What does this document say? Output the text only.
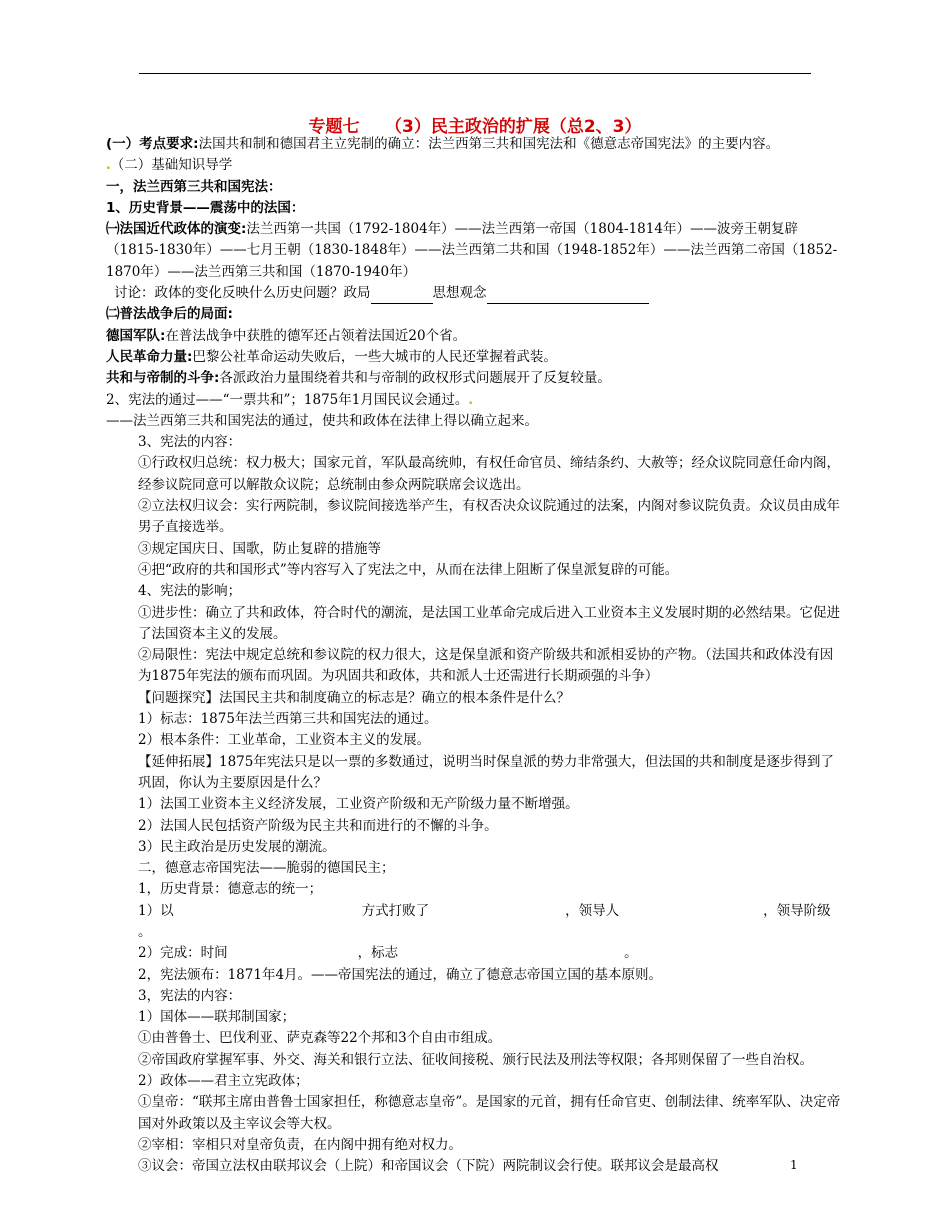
专题七　　（3）民主政治的扩展（总2、3）

(一）考点要求:法国共和制和德国君主立宪制的确立：法兰西第三共和国宪法和《德意志帝国宪法》的主要内容。

.（二）基础知识导学

一，法兰西第三共和国宪法：

1、历史背景——震荡中的法国：

㈠法国近代政体的演变:法兰西第一共国（1792-1804年）——法兰西第一帝国（1804-1814年）——波旁王朝复辟（1815-1830年）——七月王朝（1830-1848年）——法兰西第二共和国（1948-1852年）——法兰西第二帝国（1852-1870年）——法兰西第三共和国（1870-1940年）

讨论：政体的变化反映什么历史问题？政局	思想观念

㈡普法战争后的局面:

德国军队:在普法战争中获胜的德军还占领着法国近20个省。

人民革命力量:巴黎公社革命运动失败后，一些大城市的人民还掌握着武装。

共和与帝制的斗争:各派政治力量围绕着共和与帝制的政权形式问题展开了反复较量。

2、宪法的通过——“一票共和”；1875年1月国民议会通过。.

——法兰西第三共和国宪法的通过，使共和政体在法律上得以确立起来。

3、宪法的内容：

①行政权归总统：权力极大；国家元首，军队最高统帅，有权任命官员、缔结条约、大赦等；经众议院同意任命内阁，经参议院同意可以解散众议院；总统制由参众两院联席会议选出。

②立法权归议会：实行两院制，参议院间接选举产生，有权否决众议院通过的法案，内阁对参议院负责。众议员由成年男子直接选举。

③规定国庆日、国歌，防止复辟的措施等

④把“政府的共和国形式”等内容写入了宪法之中，从而在法律上阻断了保皇派复辟的可能。

4、宪法的影响；

①进步性：确立了共和政体，符合时代的潮流，是法国工业革命完成后进入工业资本主义发展时期的必然结果。它促进了法国资本主义的发展。

②局限性：宪法中规定总统和参议院的权力很大，这是保皇派和资产阶级共和派相妥协的产物。（法国共和政体没有因为1875年宪法的颁布而巩固。为巩固共和政体，共和派人士还需进行长期顽强的斗争）

【问题探究】法国民主共和制度确立的标志是？确立的根本条件是什么？

1）标志：1875年法兰西第三共和国宪法的通过。

2）根本条件：工业革命，工业资本主义的发展。

【延伸拓展】1875年宪法只是以一票的多数通过，说明当时保皇派的势力非常强大，但法国的共和制度是逐步得到了巩固，你认为主要原因是什么？

1）法国工业资本主义经济发展，工业资产阶级和无产阶级力量不断增强。

2）法国人民包括资产阶级为民主共和而进行的不懈的斗争。

3）民主政治是历史发展的潮流。

二，德意志帝国宪法——脆弱的德国民主；

1，历史背景：德意志的统一；

1）以	方式打败了	，领导人	，领导阶级

。

2）完成：时间	，标志	。

2，宪法颁布：1871年4月。——帝国宪法的通过，确立了德意志帝国立国的基本原则。

3，宪法的内容：

1）国体——联邦制国家；

①由普鲁士、巴伐利亚、萨克森等22个邦和3个自由市组成。

②帝国政府掌握军事、外交、海关和银行立法、征收间接税、颁行民法及刑法等权限；各邦则保留了一些自治权。

2）政体——君主立宪政体；

①皇帝：“联邦主席由普鲁士国家担任，称德意志皇帝”。是国家的元首，拥有任命官吏、创制法律、统率军队、决定帝国对外政策以及主宰议会等大权。

②宰相：宰相只对皇帝负责，在内阁中拥有绝对权力。

③议会：帝国立法权由联邦议会（上院）和帝国议会（下院）两院制议会行使。联邦议会是最高权	1
